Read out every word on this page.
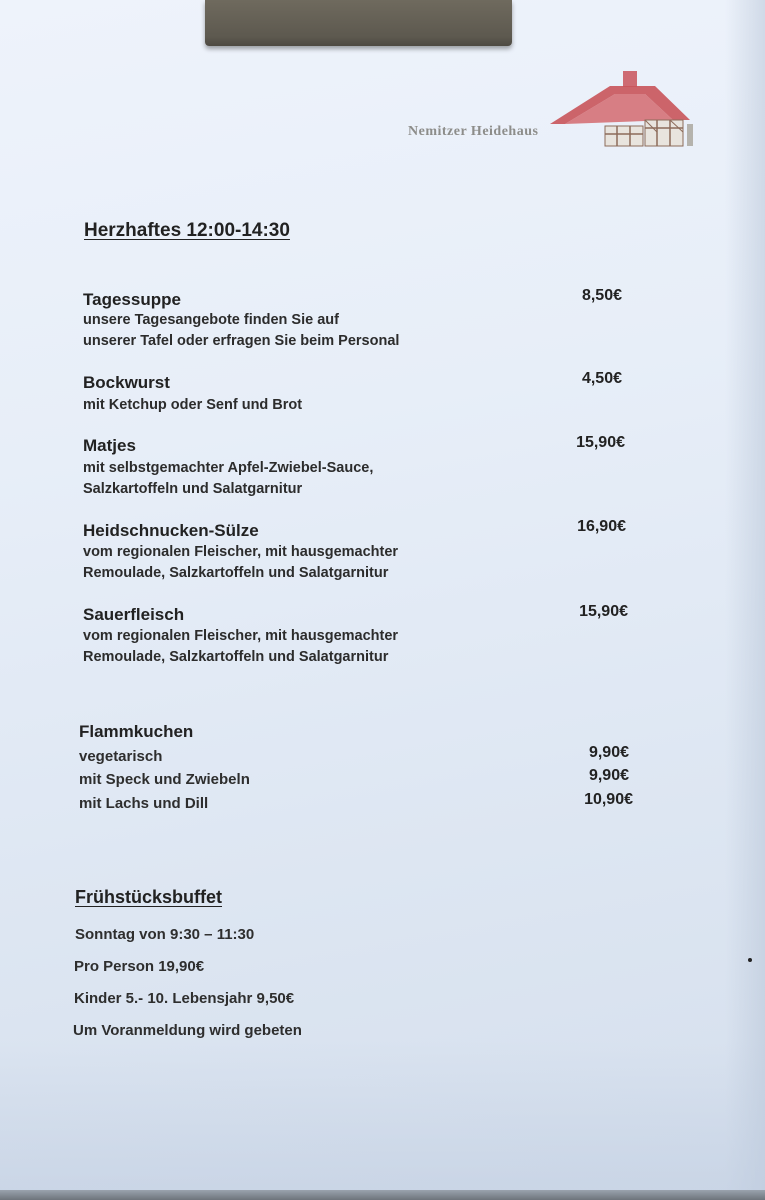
Nemitzer Heidehaus
Herzhaftes 12:00-14:30
Tagessuppe	8,50€
unsere Tagesangebote finden Sie auf
unserer Tafel oder erfragen Sie beim Personal
Bockwurst	4,50€
mit Ketchup oder Senf und Brot
Matjes	15,90€
mit selbstgemachter Apfel-Zwiebel-Sauce,
Salzkartoffeln und Salatgarnitur
Heidschnucken-Sülze	16,90€
vom regionalen Fleischer, mit hausgemachter
Remoulade, Salzkartoffeln und Salatgarnitur
Sauerfleisch	15,90€
vom regionalen Fleischer, mit hausgemachter
Remoulade, Salzkartoffeln und Salatgarnitur
Flammkuchen
vegetarisch	9,90€
mit Speck und Zwiebeln	9,90€
mit Lachs und Dill	10,90€
Frühstücksbuffet
Sonntag von 9:30 – 11:30
Pro Person 19,90€
Kinder 5.- 10. Lebensjahr 9,50€
Um Voranmeldung wird gebeten
